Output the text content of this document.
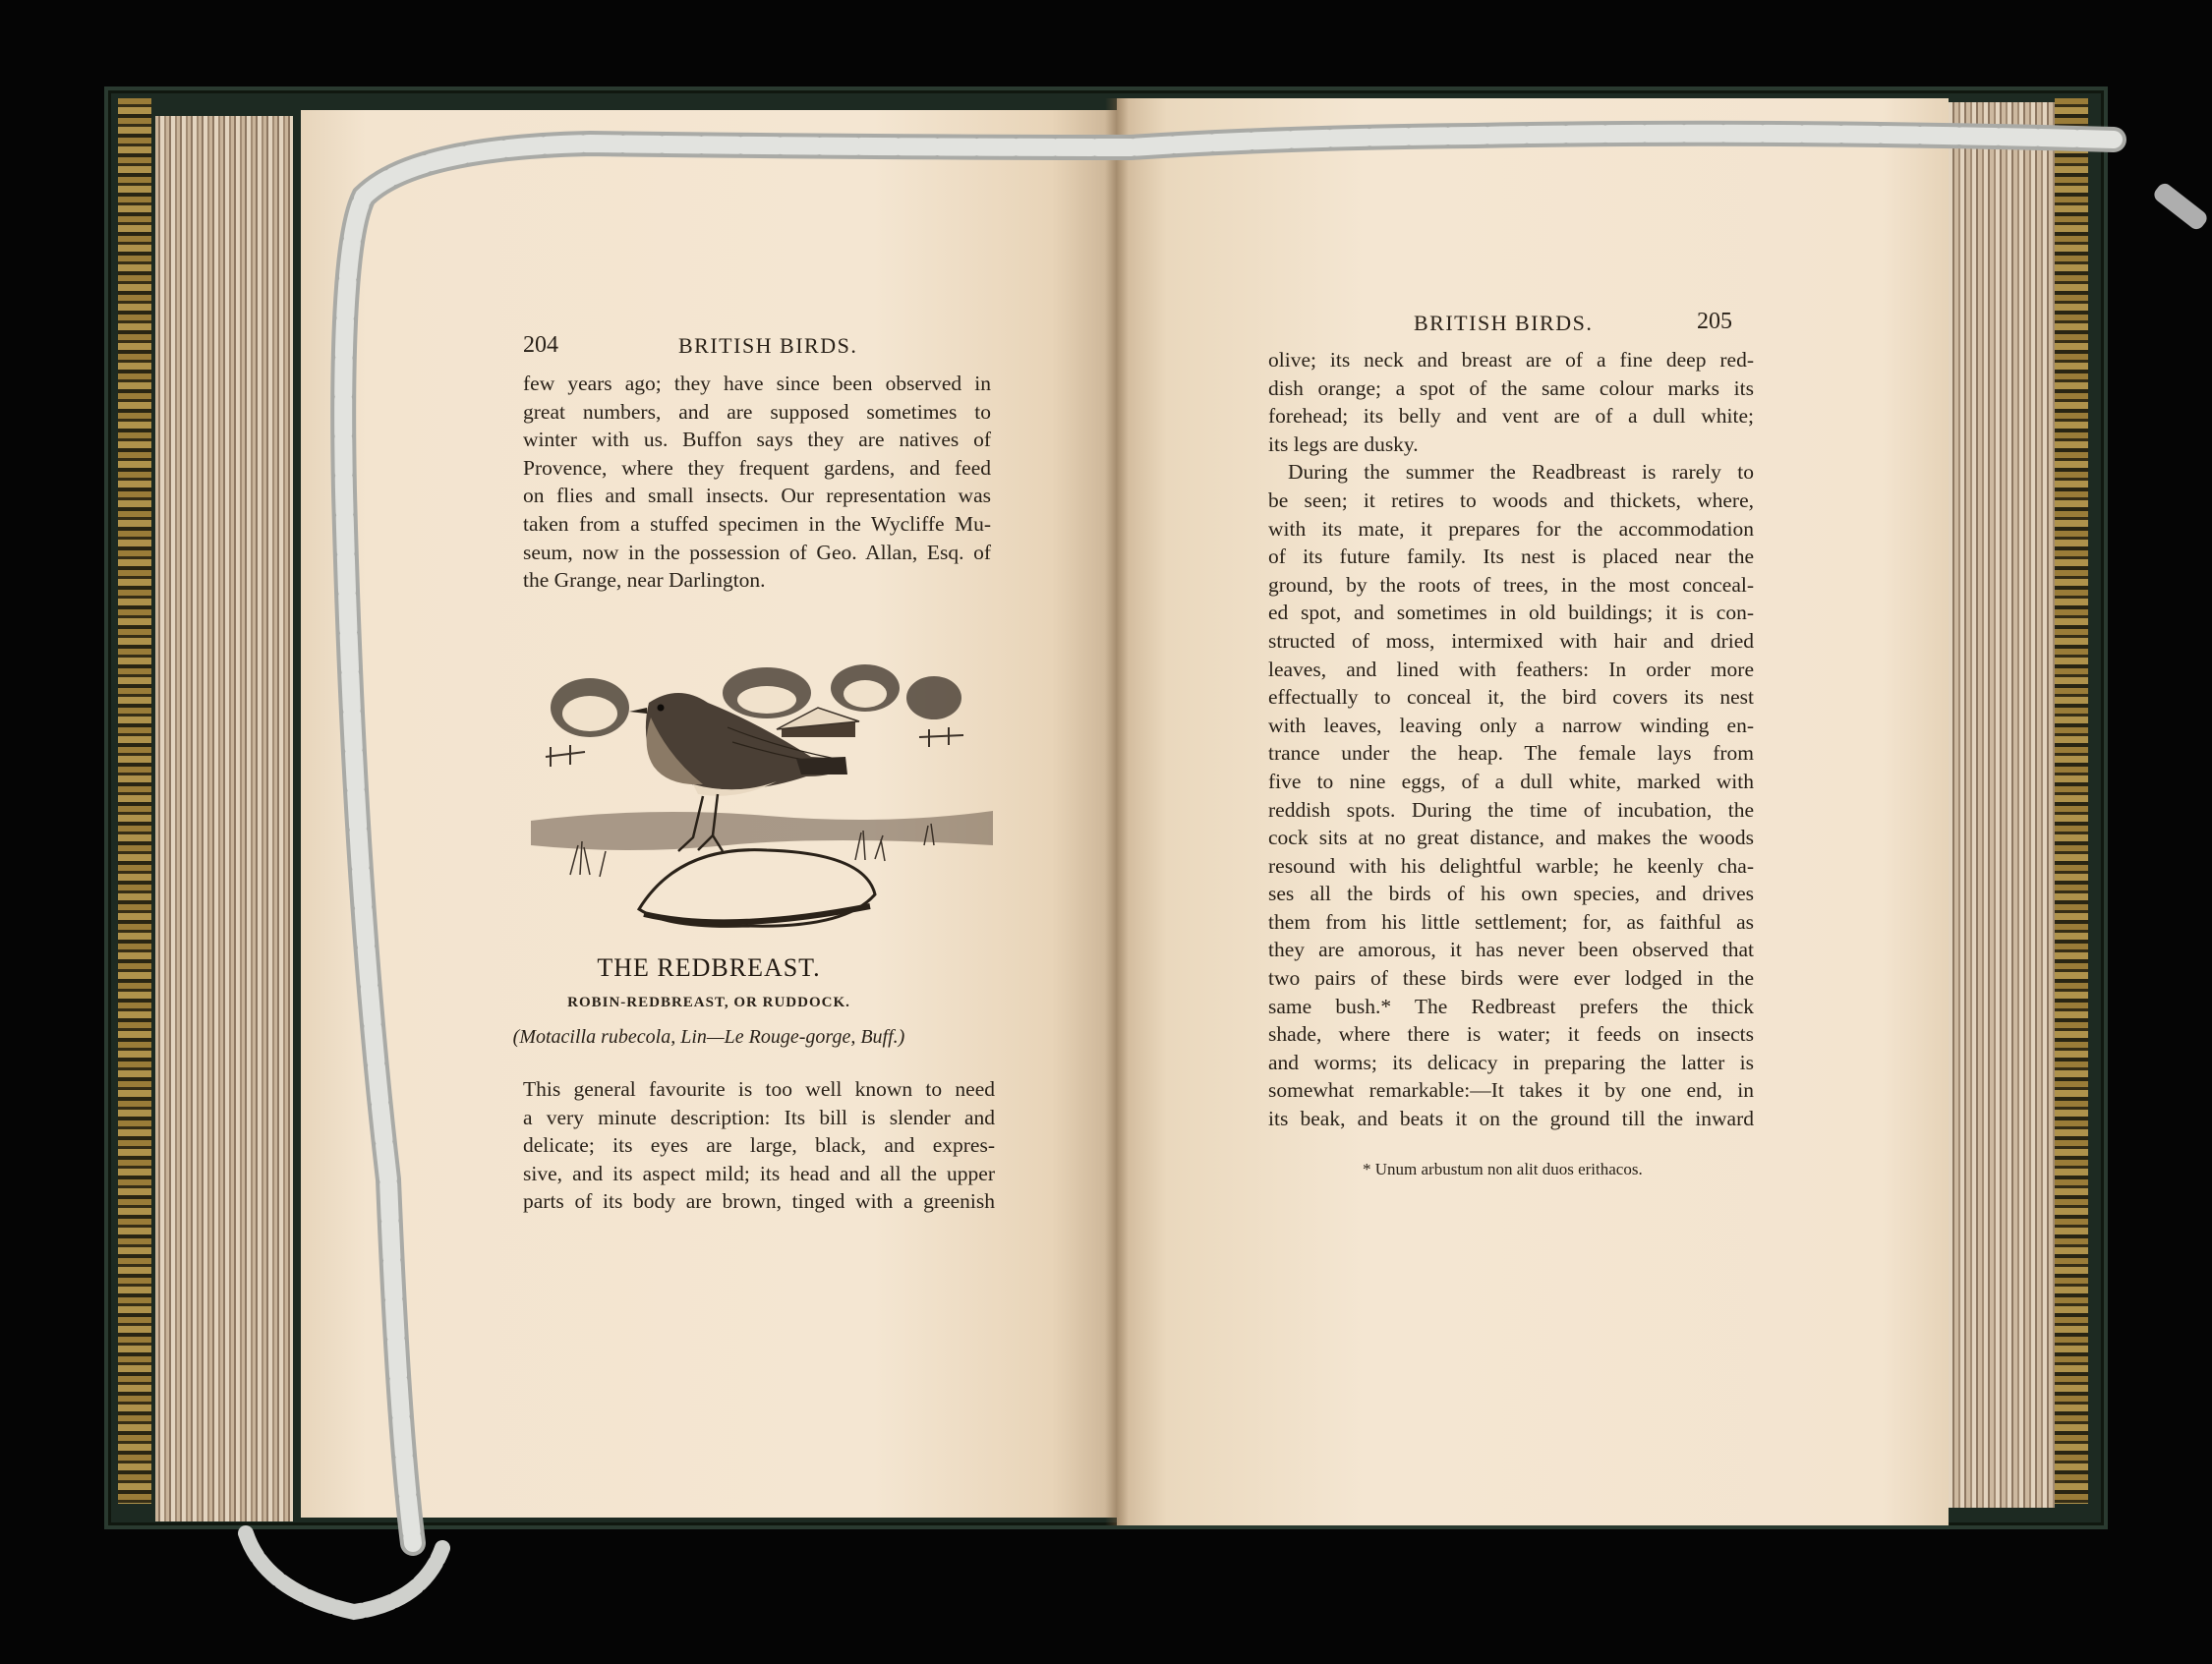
204	BRITISH BIRDS.
few years ago; they have since been observed in
great numbers, and are supposed sometimes to
winter with us. Buffon says they are natives of
Provence, where they frequent gardens, and feed
on flies and small insects. Our representation was
taken from a stuffed specimen in the Wycliffe Mu-
seum, now in the possession of Geo. Allan, Esq. of
the Grange, near Darlington.
THE REDBREAST.
ROBIN-REDBREAST, OR RUDDOCK.
(Motacilla rubecola, Lin—Le Rouge-gorge, Buff.)
This general favourite is too well known to need
a very minute description: Its bill is slender and
delicate; its eyes are large, black, and expres-
sive, and its aspect mild; its head and all the upper
parts of its body are brown, tinged with a greenish
BRITISH BIRDS.	205
olive; its neck and breast are of a fine deep red-
dish orange; a spot of the same colour marks its
forehead; its belly and vent are of a dull white;
its legs are dusky.
During the summer the Readbreast is rarely to
be seen; it retires to woods and thickets, where,
with its mate, it prepares for the accommodation
of its future family. Its nest is placed near the
ground, by the roots of trees, in the most conceal-
ed spot, and sometimes in old buildings; it is con-
structed of moss, intermixed with hair and dried
leaves, and lined with feathers: In order more
effectually to conceal it, the bird covers its nest
with leaves, leaving only a narrow winding en-
trance under the heap. The female lays from
five to nine eggs, of a dull white, marked with
reddish spots. During the time of incubation, the
cock sits at no great distance, and makes the woods
resound with his delightful warble; he keenly cha-
ses all the birds of his own species, and drives
them from his little settlement; for, as faithful as
they are amorous, it has never been observed that
two pairs of these birds were ever lodged in the
same bush.* The Redbreast prefers the thick
shade, where there is water; it feeds on insects
and worms; its delicacy in preparing the latter is
somewhat remarkable:—It takes it by one end, in
its beak, and beats it on the ground till the inward
* Unum arbustum non alit duos erithacos.
